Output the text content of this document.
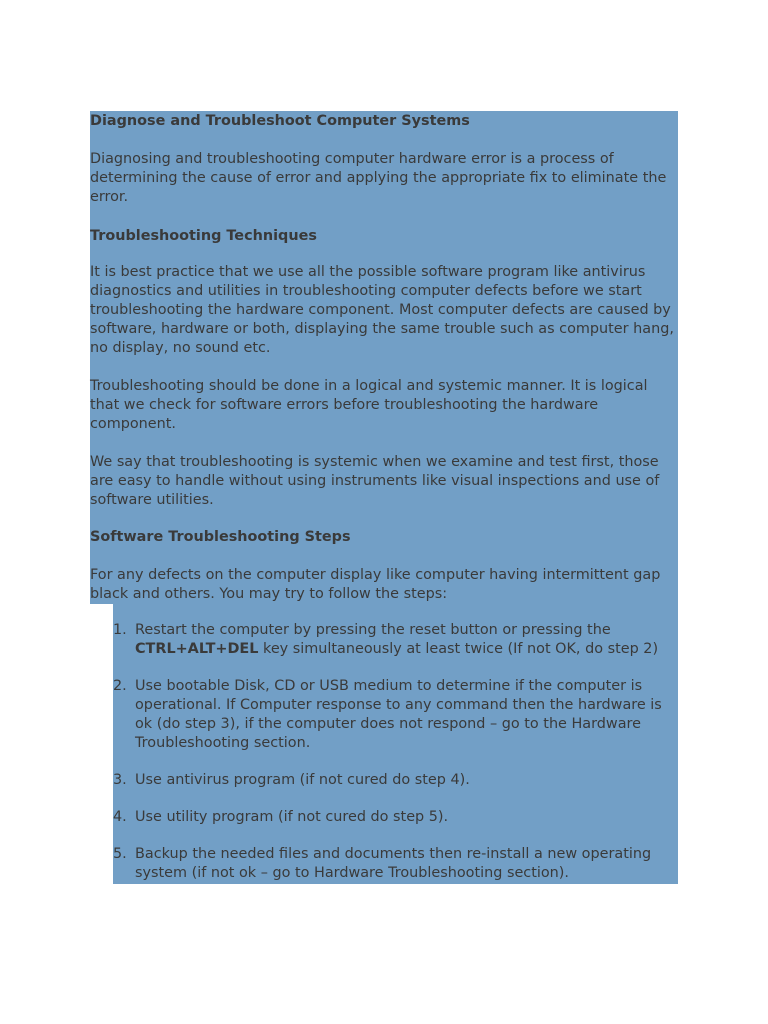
Diagnose and Troubleshoot Computer Systems

Diagnosing and troubleshooting computer hardware error is a process of determining the cause of error and applying the appropriate fix to eliminate the error.

Troubleshooting Techniques

It is best practice that we use all the possible software program like antivirus diagnostics and utilities in troubleshooting computer defects before we start troubleshooting the hardware component. Most computer defects are caused by software, hardware or both, displaying the same trouble such as computer hang, no display, no sound etc.

Troubleshooting should be done in a logical and systemic manner. It is logical that we check for software errors before troubleshooting the hardware component.

We say that troubleshooting is systemic when we examine and test first, those are easy to handle without using instruments like visual inspections and use of software utilities.

Software Troubleshooting Steps

For any defects on the computer display like computer having intermittent gap black and others. You may try to follow the steps:

1. Restart the computer by pressing the reset button or pressing the CTRL+ALT+DEL key simultaneously at least twice (If not OK, do step 2)
2. Use bootable Disk, CD or USB medium to determine if the computer is operational. If Computer response to any command then the hardware is ok (do step 3), if the computer does not respond – go to the Hardware Troubleshooting section.
3. Use antivirus program (if not cured do step 4).
4. Use utility program (if not cured do step 5).
5. Backup the needed files and documents then re-install a new operating system (if not ok – go to Hardware Troubleshooting section).
